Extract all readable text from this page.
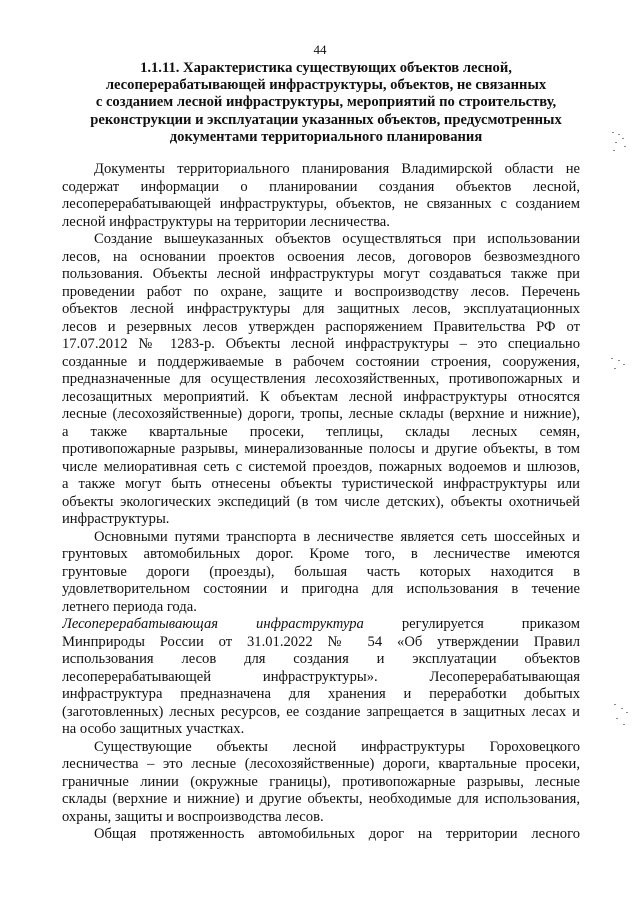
44
1.1.11. Характеристика существующих объектов лесной,
лесоперерабатывающей инфраструктуры, объектов, не связанных
с созданием лесной инфраструктуры, мероприятий по строительству,
реконструкции и эксплуатации указанных объектов, предусмотренных
документами территориального планирования

Документы территориального планирования Владимирской области не
содержат информации о планировании создания объектов лесной,
лесоперерабатывающей инфраструктуры, объектов, не связанных с созданием
лесной инфраструктуры на территории лесничества.

Создание вышеуказанных объектов осуществляться при использовании
лесов, на основании проектов освоения лесов, договоров безвозмездного
пользования. Объекты лесной инфраструктуры могут создаваться также при
проведении работ по охране, защите и воспроизводству лесов. Перечень
объектов лесной инфраструктуры для защитных лесов, эксплуатационных
лесов и резервных лесов утвержден распоряжением Правительства РФ от
17.07.2012 № 1283-р. Объекты лесной инфраструктуры – это специально
созданные и поддерживаемые в рабочем состоянии строения, сооружения,
предназначенные для осуществления лесохозяйственных, противопожарных и
лесозащитных мероприятий. К объектам лесной инфраструктуры относятся
лесные (лесохозяйственные) дороги, тропы, лесные склады (верхние и нижние),
а также квартальные просеки, теплицы, склады лесных семян,
противопожарные разрывы, минерализованные полосы и другие объекты, в том
числе мелиоративная сеть с системой проездов, пожарных водоемов и шлюзов,
а также могут быть отнесены объекты туристической инфраструктуры или
объекты экологических экспедиций (в том числе детских), объекты охотничьей
инфраструктуры.

Основными путями транспорта в лесничестве является сеть шоссейных и
грунтовых автомобильных дорог. Кроме того, в лесничестве имеются
грунтовые дороги (проезды), большая часть которых находится в
удовлетворительном состоянии и пригодна для использования в течение
летнего периода года.

Лесоперерабатывающая инфраструктура	регулируется приказом
Минприроды России от 31.01.2022 № 54 «Об утверждении Правил
использования лесов для создания и эксплуатации объектов
лесоперерабатывающей инфраструктуры». Лесоперерабатывающая
инфраструктура предназначена для хранения и переработки добытых
(заготовленных) лесных ресурсов, ее создание запрещается в защитных лесах и
на особо защитных участках.

Существующие объекты лесной инфраструктуры Гороховецкого
лесничества – это лесные (лесохозяйственные) дороги, квартальные просеки,
граничные линии (окружные границы), противопожарные разрывы, лесные
склады (верхние и нижние) и другие объекты, необходимые для использования,
охраны, защиты и воспроизводства лесов.

Общая протяженность автомобильных дорог на территории лесного
